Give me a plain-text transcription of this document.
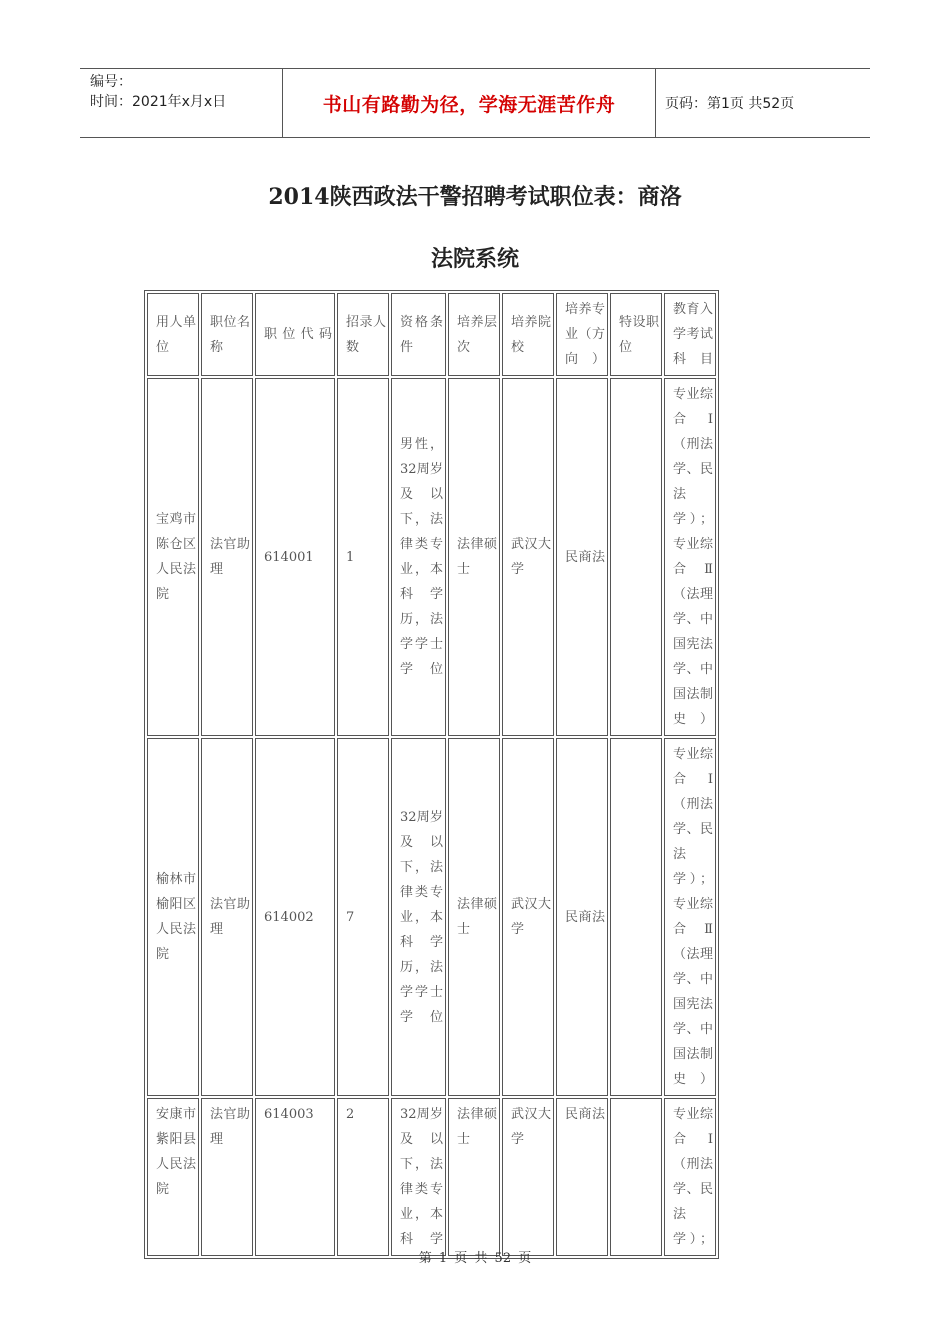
编号：
时间：2021年x月x日	书山有路勤为径，学海无涯苦作舟	页码：第1页 共52页
2014陕西政法干警招聘考试职位表：商洛
法院系统
用人单位	职位名称	职位代码	招录人数	资格条件	培养层次	培养院校	培养专业（方向）	特设职位	教育入学考试科目
宝鸡市陈仓区人民法院	法官助理	614001	1	男性，32周岁及以下，法律类专业，本科学历，法学学士学位	法律硕士	武汉大学	民商法		专业综合Ⅰ（刑法学、民法学）；专业综合Ⅱ（法理学、中国宪法学、中国法制史）
榆林市榆阳区人民法院	法官助理	614002	7	32周岁及以下，法律类专业，本科学历，法学学士学位	法律硕士	武汉大学	民商法		专业综合Ⅰ（刑法学、民法学）；专业综合Ⅱ（法理学、中国宪法学、中国法制史）
安康市紫阳县人民法院	法官助理	614003	2	32周岁及以下，法律类专业，本科学	法律硕士	武汉大学	民商法		专业综合Ⅰ（刑法学、民法学）；
第 1 页 共 52 页
